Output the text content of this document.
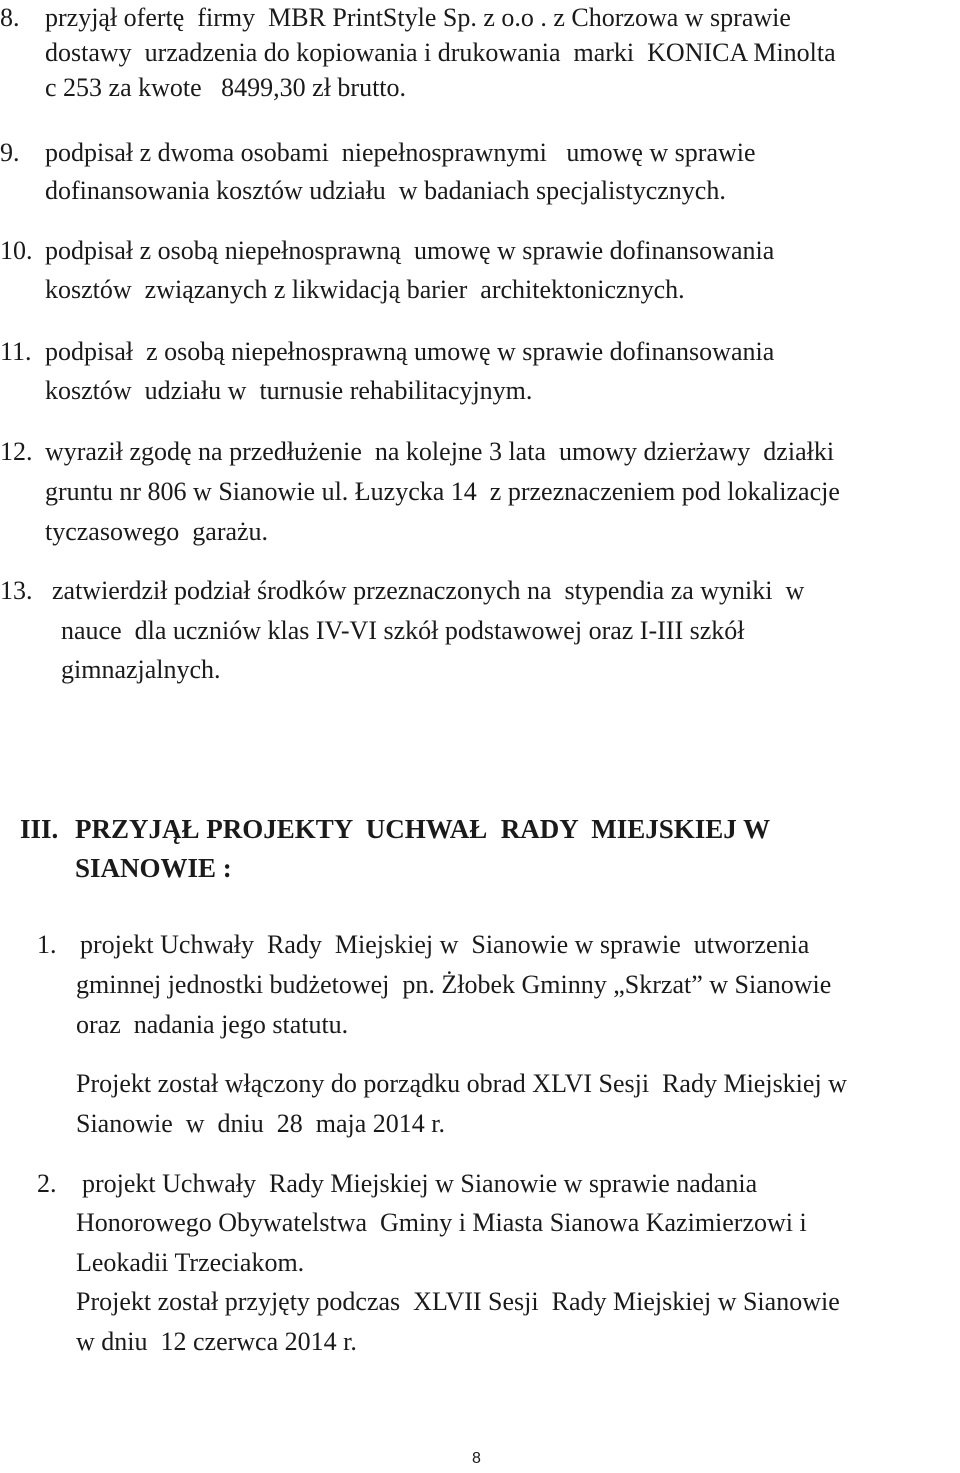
8. przyjął ofertę  firmy  MBR PrintStyle Sp. z o.o . z Chorzowa w sprawie
dostawy  urzadzenia do kopiowania i drukowania  marki  KONICA Minolta
c 253 za kwote   8499,30 zł brutto.
9. podpisał z dwoma osobami  niepełnosprawnymi   umowę w sprawie
dofinansowania kosztów udziału  w badaniach specjalistycznych.
10. podpisał z osobą niepełnosprawną  umowę w sprawie dofinansowania
kosztów  związanych z likwidacją barier  architektonicznych.
11. podpisał  z osobą niepełnosprawną umowę w sprawie dofinansowania
kosztów  udziału w  turnusie rehabilitacyjnym.
12. wyraził zgodę na przedłużenie  na kolejne 3 lata  umowy dzierżawy  działki
gruntu nr 806 w Sianowie ul. Łuzycka 14  z przeznaczeniem pod lokalizacje
tyczasowego  garażu.
13. zatwierdził podział środków przeznaczonych na  stypendia za wyniki  w
nauce  dla uczniów klas IV-VI szkół podstawowej oraz I-III szkół
gimnazjalnych.
III. PRZYJĄŁ PROJEKTY  UCHWAŁ  RADY  MIEJSKIEJ W
SIANOWIE :
1. projekt Uchwały  Rady  Miejskiej w  Sianowie w sprawie  utworzenia
gminnej jednostki budżetowej  pn. Żłobek Gminny „Skrzat” w Sianowie
oraz  nadania jego statutu.
Projekt został włączony do porządku obrad XLVI Sesji  Rady Miejskiej w
Sianowie  w  dniu  28  maja 2014 r.
2. projekt Uchwały  Rady Miejskiej w Sianowie w sprawie nadania
Honorowego Obywatelstwa  Gminy i Miasta Sianowa Kazimierzowi i
Leokadii Trzeciakom.
Projekt został przyjęty podczas  XLVII Sesji  Rady Miejskiej w Sianowie
w dniu  12 czerwca 2014 r.
8
